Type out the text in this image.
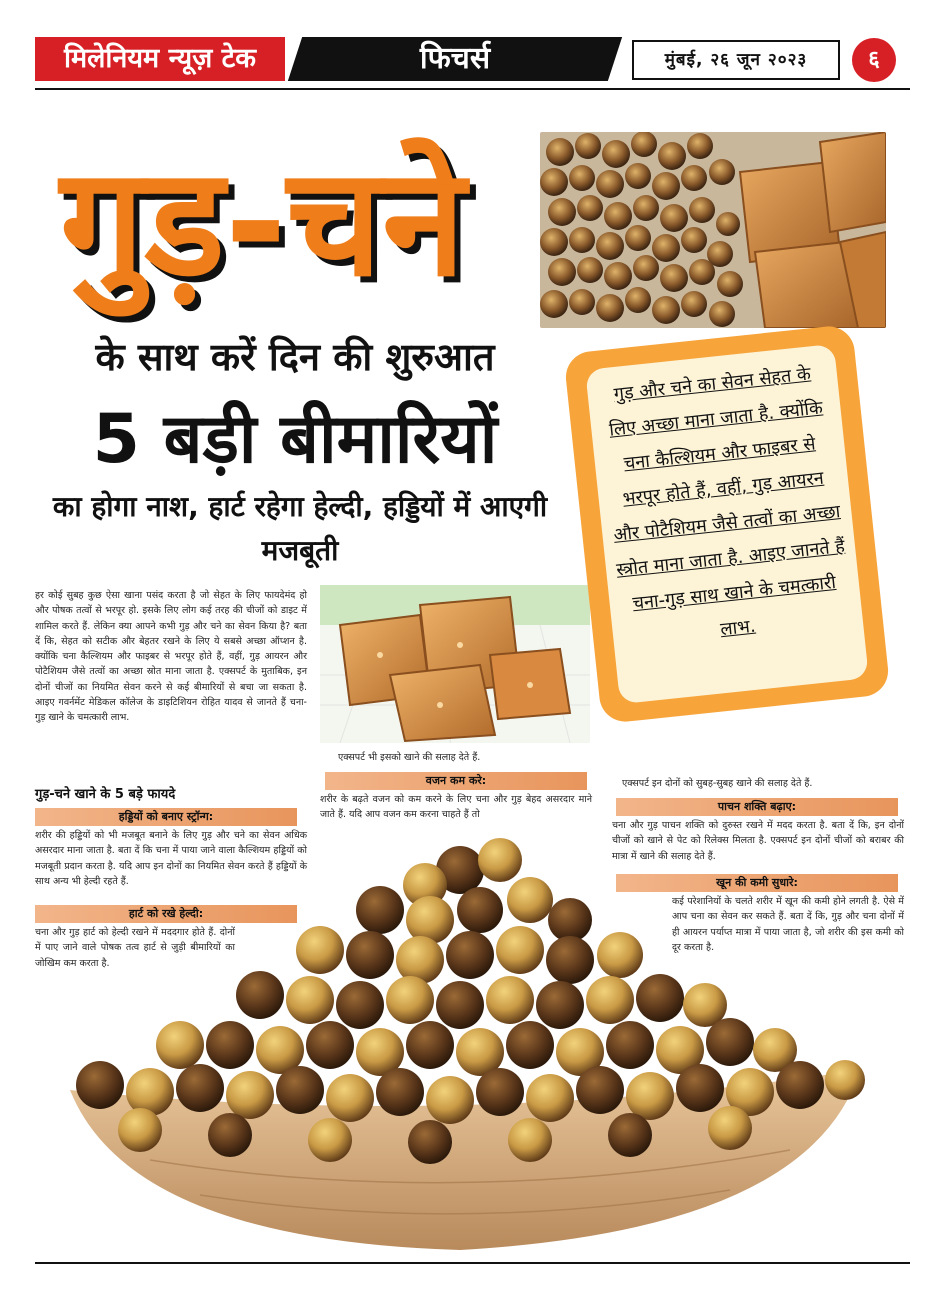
मिलेनियम न्यूज़ टेक	फिचर्स	मुंबई, २६ जून २०२३	६
गुड़-चने
के साथ करें दिन की शुरुआत
5 बड़ी बीमारियों
का होगा नाश, हार्ट रहेगा हेल्दी, हड्डियों में आएगी मजबूती
गुड़ और चने का सेवन सेहत के लिए अच्छा माना जाता है. क्योंकि चना कैल्शियम और फाइबर से भरपूर होते हैं, वहीं, गुड़ आयरन और पोटैशियम जैसे तत्वों का अच्छा स्त्रोत माना जाता है. आइए जानते हैं चना-गुड़ साथ खाने के चमत्कारी लाभ.
हर कोई सुबह कुछ ऐसा खाना पसंद करता है जो सेहत के लिए फायदेमंद हो और पोषक तत्वों से भरपूर हो. इसके लिए लोग कई तरह की चीजों को डाइट में शामिल करते हैं. लेकिन क्या आपने कभी गुड़ और चने का सेवन किया है? बता दें कि, सेहत को सटीक और बेहतर रखने के लिए ये सबसे अच्छा ऑप्शन है. क्योंकि चना कैल्शियम और फाइबर से भरपूर होते हैं, वहीं, गुड़ आयरन और पोटैशियम जैसे तत्वों का अच्छा स्रोत माना जाता है. एक्सपर्ट के मुताबिक, इन दोनों चीजों का नियमित सेवन करने से कई बीमारियों से बचा जा सकता है. आइए गवर्नमेंट मेडिकल कॉलेज के डाइटिशियन रोहित यादव से जानते हैं चना-गुड़ खाने के चमत्कारी लाभ.
गुड़-चने खाने के 5 बड़े फायदे
हड्डियों को बनाए स्ट्रॉन्ग:
शरीर की हड्डियों को भी मजबूत बनाने के लिए गुड़ और चने का सेवन अधिक असरदार माना जाता है. बता दें कि चना में पाया जाने वाला कैल्शियम हड्डियों को मजबूती प्रदान करता है. यदि आप इन दोनों का नियमित सेवन करते हैं हड्डियों के साथ अन्य भी हेल्दी रहते हैं.
हार्ट को रखे हेल्दी:
चना और गुड़ हार्ट को हेल्दी रखने में मददगार होते हैं. दोनों में पाए जाने वाले पोषक तत्व हार्ट से जुड़ी बीमारियों का जोखिम कम करता है.
एक्सपर्ट भी इसको खाने की सलाह देते हैं.
वजन कम करे:
शरीर के बढ़ते वजन को कम करने के लिए चना और गुड़ बेहद असरदार माने जाते हैं. यदि आप वजन कम करना चाहते हैं तो
एक्सपर्ट इन दोनों को सुबह-सुबह खाने की सलाह देते हैं.
पाचन शक्ति बढ़ाए:
चना और गुड़ पाचन शक्ति को दुरुस्त रखने में मदद करता है. बता दें कि, इन दोनों चीजों को खाने से पेट को रिलेक्स मिलता है. एक्सपर्ट इन दोनों चीजों को बराबर की मात्रा में खाने की सलाह देते हैं.
खून की कमी सुधारे:
कई परेशानियों के चलते शरीर में खून की कमी होने लगती है. ऐसे में आप चना का सेवन कर सकते हैं. बता दें कि, गुड़ और चना दोनों में ही आयरन पर्याप्त मात्रा में पाया जाता है, जो शरीर की इस कमी को दूर करता है.
